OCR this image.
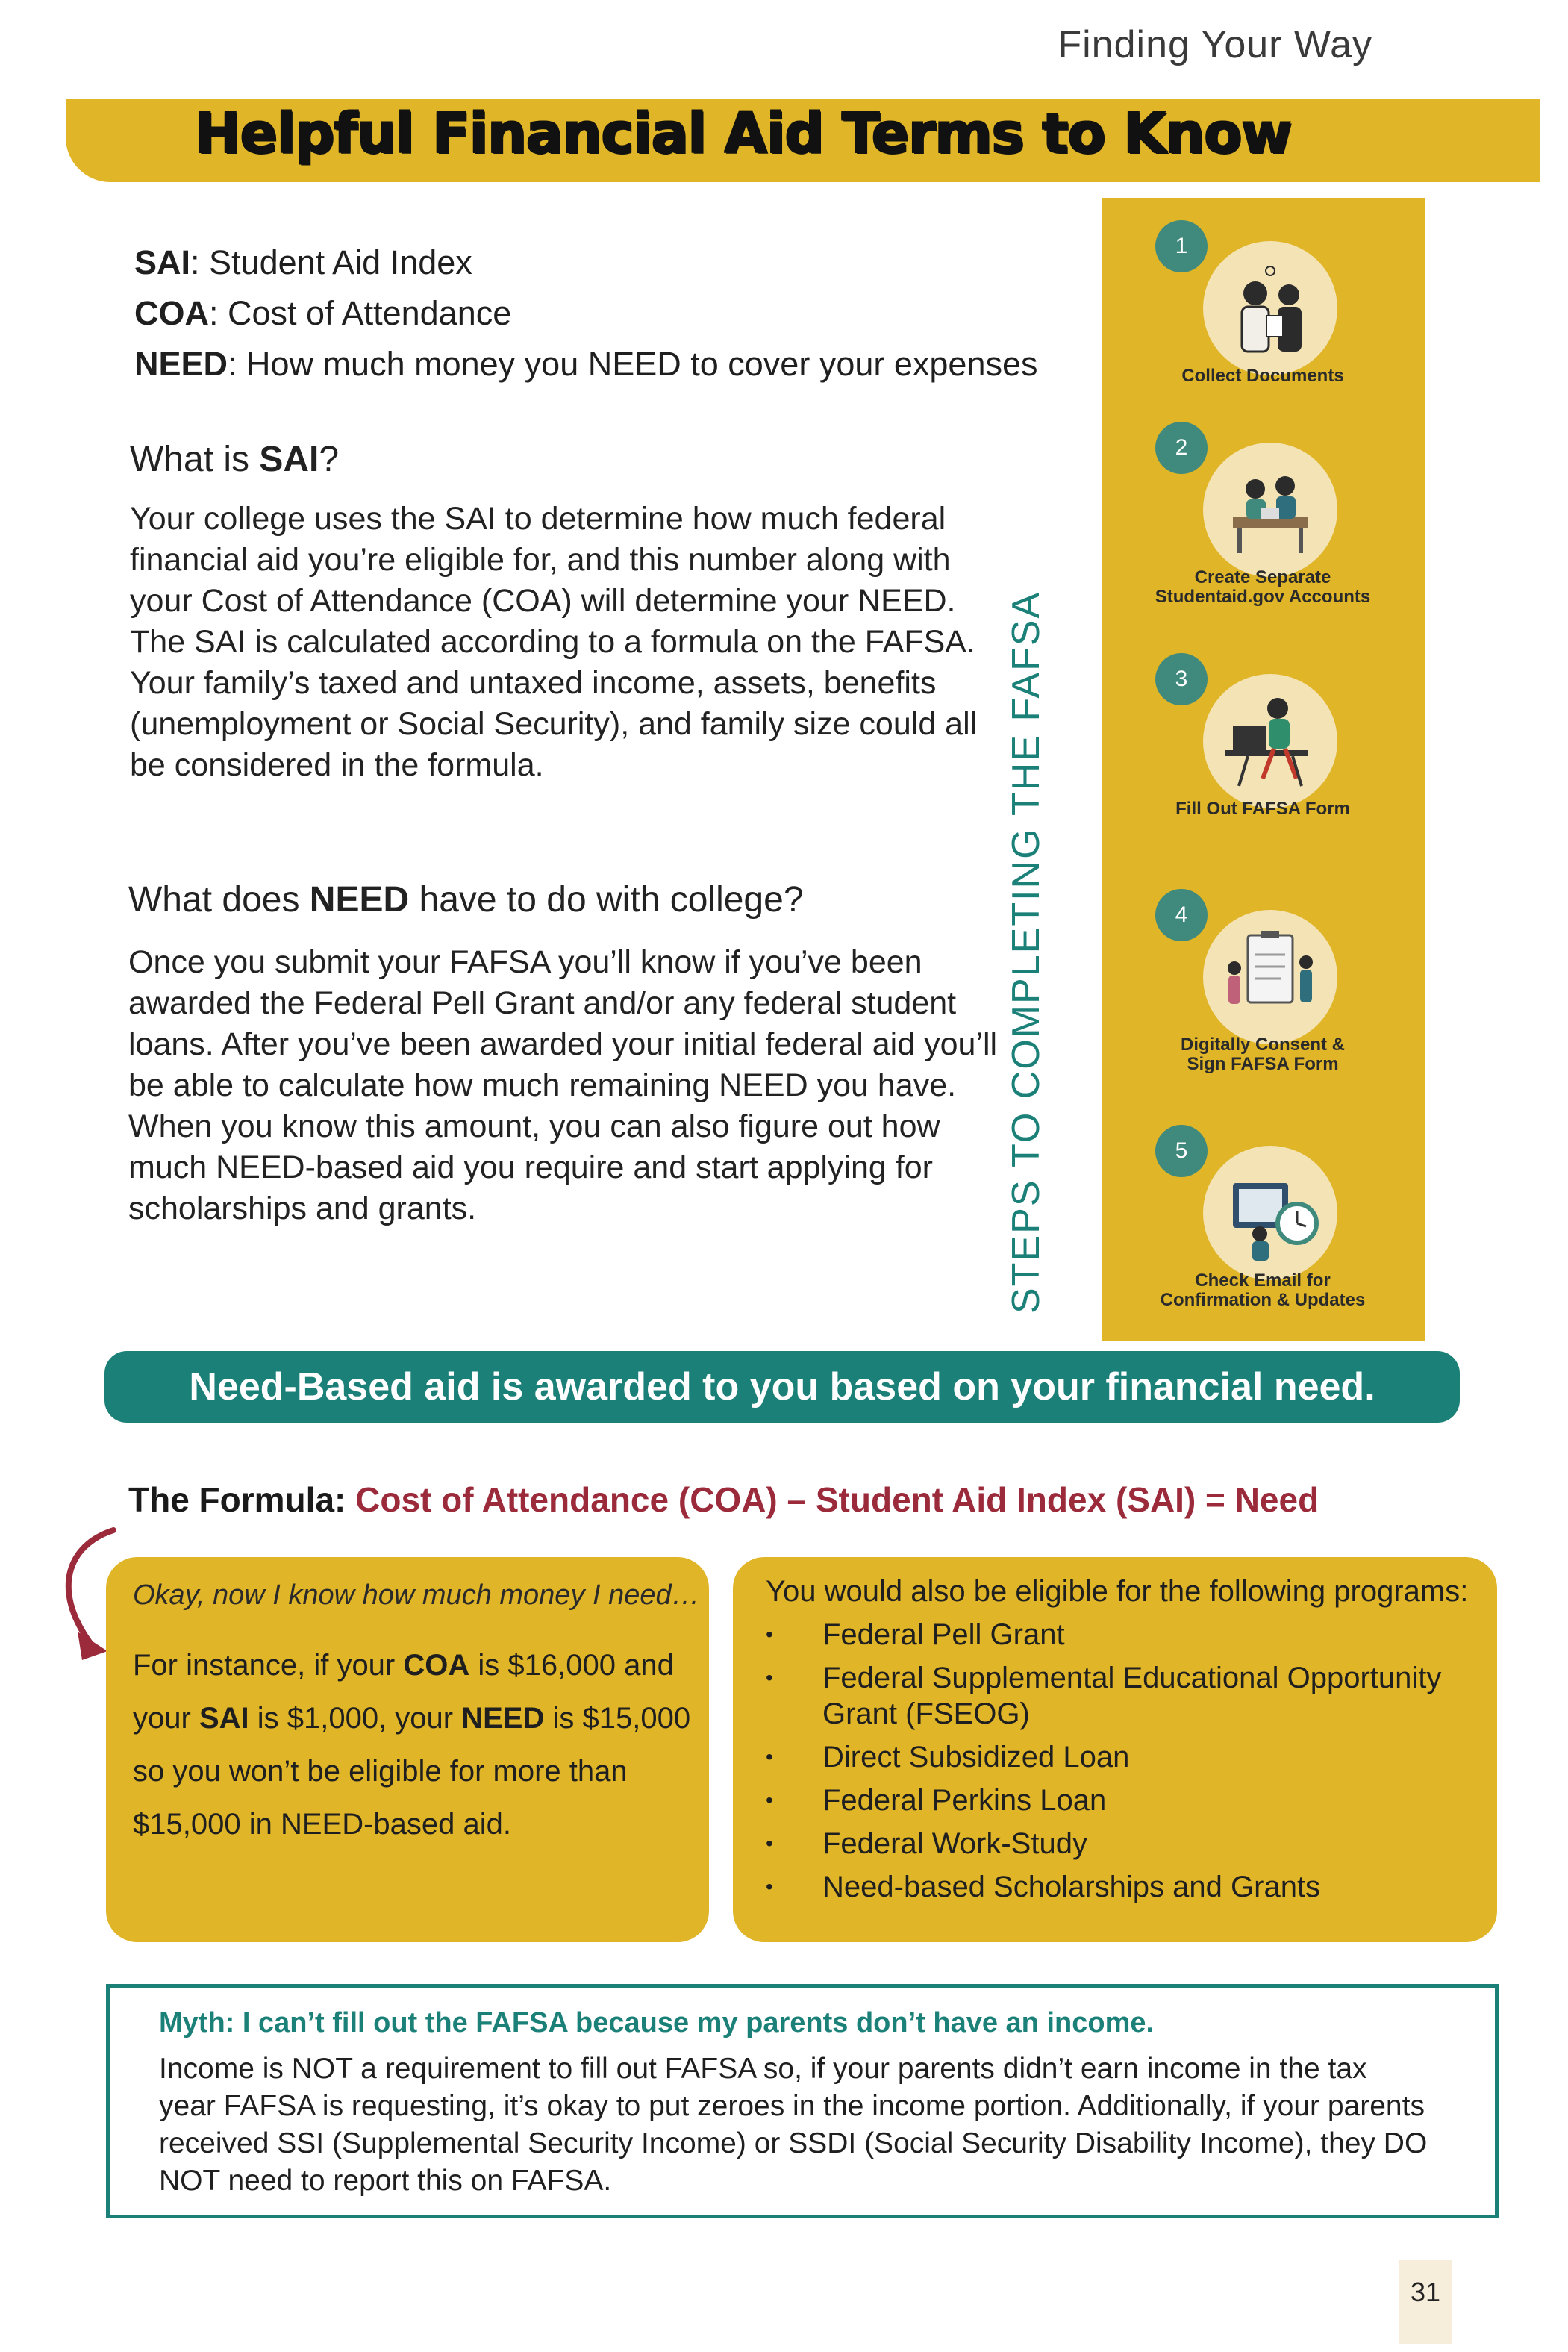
Finding Your Way
Helpful Financial Aid Terms to Know
SAI: Student Aid Index
COA: Cost of Attendance
NEED: How much money you NEED to cover your expenses
What is SAI?
Your college uses the SAI to determine how much federal financial aid you’re eligible for, and this number along with your Cost of Attendance (COA) will determine your NEED. The SAI is calculated according to a formula on the FAFSA. Your family’s taxed and untaxed income, assets, benefits (unemployment or Social Security), and family size could all be considered in the formula.
What does NEED have to do with college?
Once you submit your FAFSA you’ll know if you’ve been awarded the Federal Pell Grant and/or any federal student loans. After you’ve been awarded your initial federal aid you’ll be able to calculate how much remaining NEED you have. When you know this amount, you can also figure out how much NEED-based aid you require and start applying for scholarships and grants.	STEPS TO COMPLETING THE FAFSA
1
Collect Documents
2
Create Separate
Studentaid.gov Accounts
3
Fill Out FAFSA Form
4
Digitally Consent &
Sign FAFSA Form
5
Check Email for
Confirmation & Updates
Need-Based aid is awarded to you based on your financial need.
The Formula: Cost of Attendance (COA) – Student Aid Index (SAI) = Need
Okay, now I know how much money I need…
For instance, if your COA is $16,000 and your SAI is $1,000, your NEED is $15,000 so you won’t be eligible for more than $15,000 in NEED-based aid.
You would also be eligible for the following programs:
• Federal Pell Grant
• Federal Supplemental Educational Opportunity Grant (FSEOG)
• Direct Subsidized Loan
• Federal Perkins Loan
• Federal Work-Study
• Need-based Scholarships and Grants
Myth: I can’t fill out the FAFSA because my parents don’t have an income.
Income is NOT a requirement to fill out FAFSA so, if your parents didn’t earn income in the tax year FAFSA is requesting, it’s okay to put zeroes in the income portion. Additionally, if your parents received SSI (Supplemental Security Income) or SSDI (Social Security Disability Income), they DO NOT need to report this on FAFSA.
31
